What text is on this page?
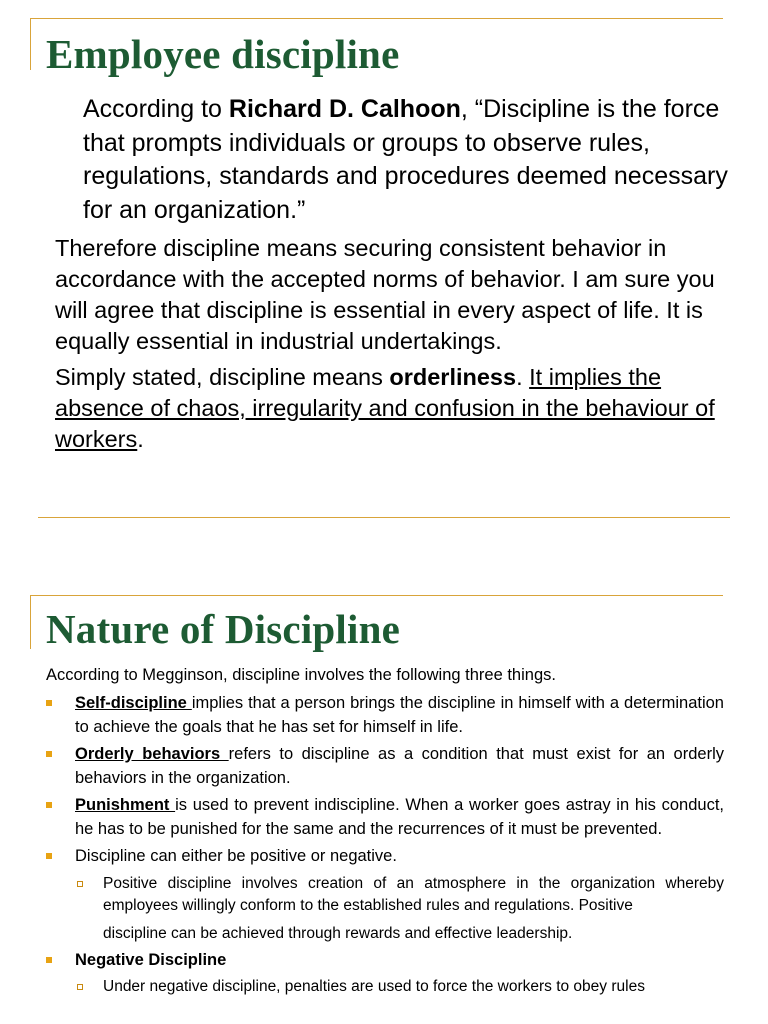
Employee discipline

According to Richard D. Calhoon, “Discipline is the force that prompts individuals or groups to observe rules, regulations, standards and procedures deemed necessary for an organization.”

Therefore discipline means securing consistent behavior in accordance with the accepted norms of behavior. I am sure you will agree that discipline is essential in every aspect of life. It is equally essential in industrial undertakings.

Simply stated, discipline means orderliness. It implies the absence of chaos, irregularity and confusion in the behaviour of workers.

Nature of Discipline

According to Megginson, discipline involves the following three things.

Self-discipline implies that a person brings the discipline in himself with a determination to achieve the goals that he has set for himself in life.
Orderly behaviors refers to discipline as a condition that must exist for an orderly behaviors in the organization.
Punishment is used to prevent indiscipline. When a worker goes astray in his conduct, he has to be punished for the same and the recurrences of it must be prevented.
Discipline can either be positive or negative.
Positive discipline involves creation of an atmosphere in the organization whereby employees willingly conform to the established rules and regulations. Positive
discipline can be achieved through rewards and effective leadership.
Negative Discipline
Under negative discipline, penalties are used to force the workers to obey rules
